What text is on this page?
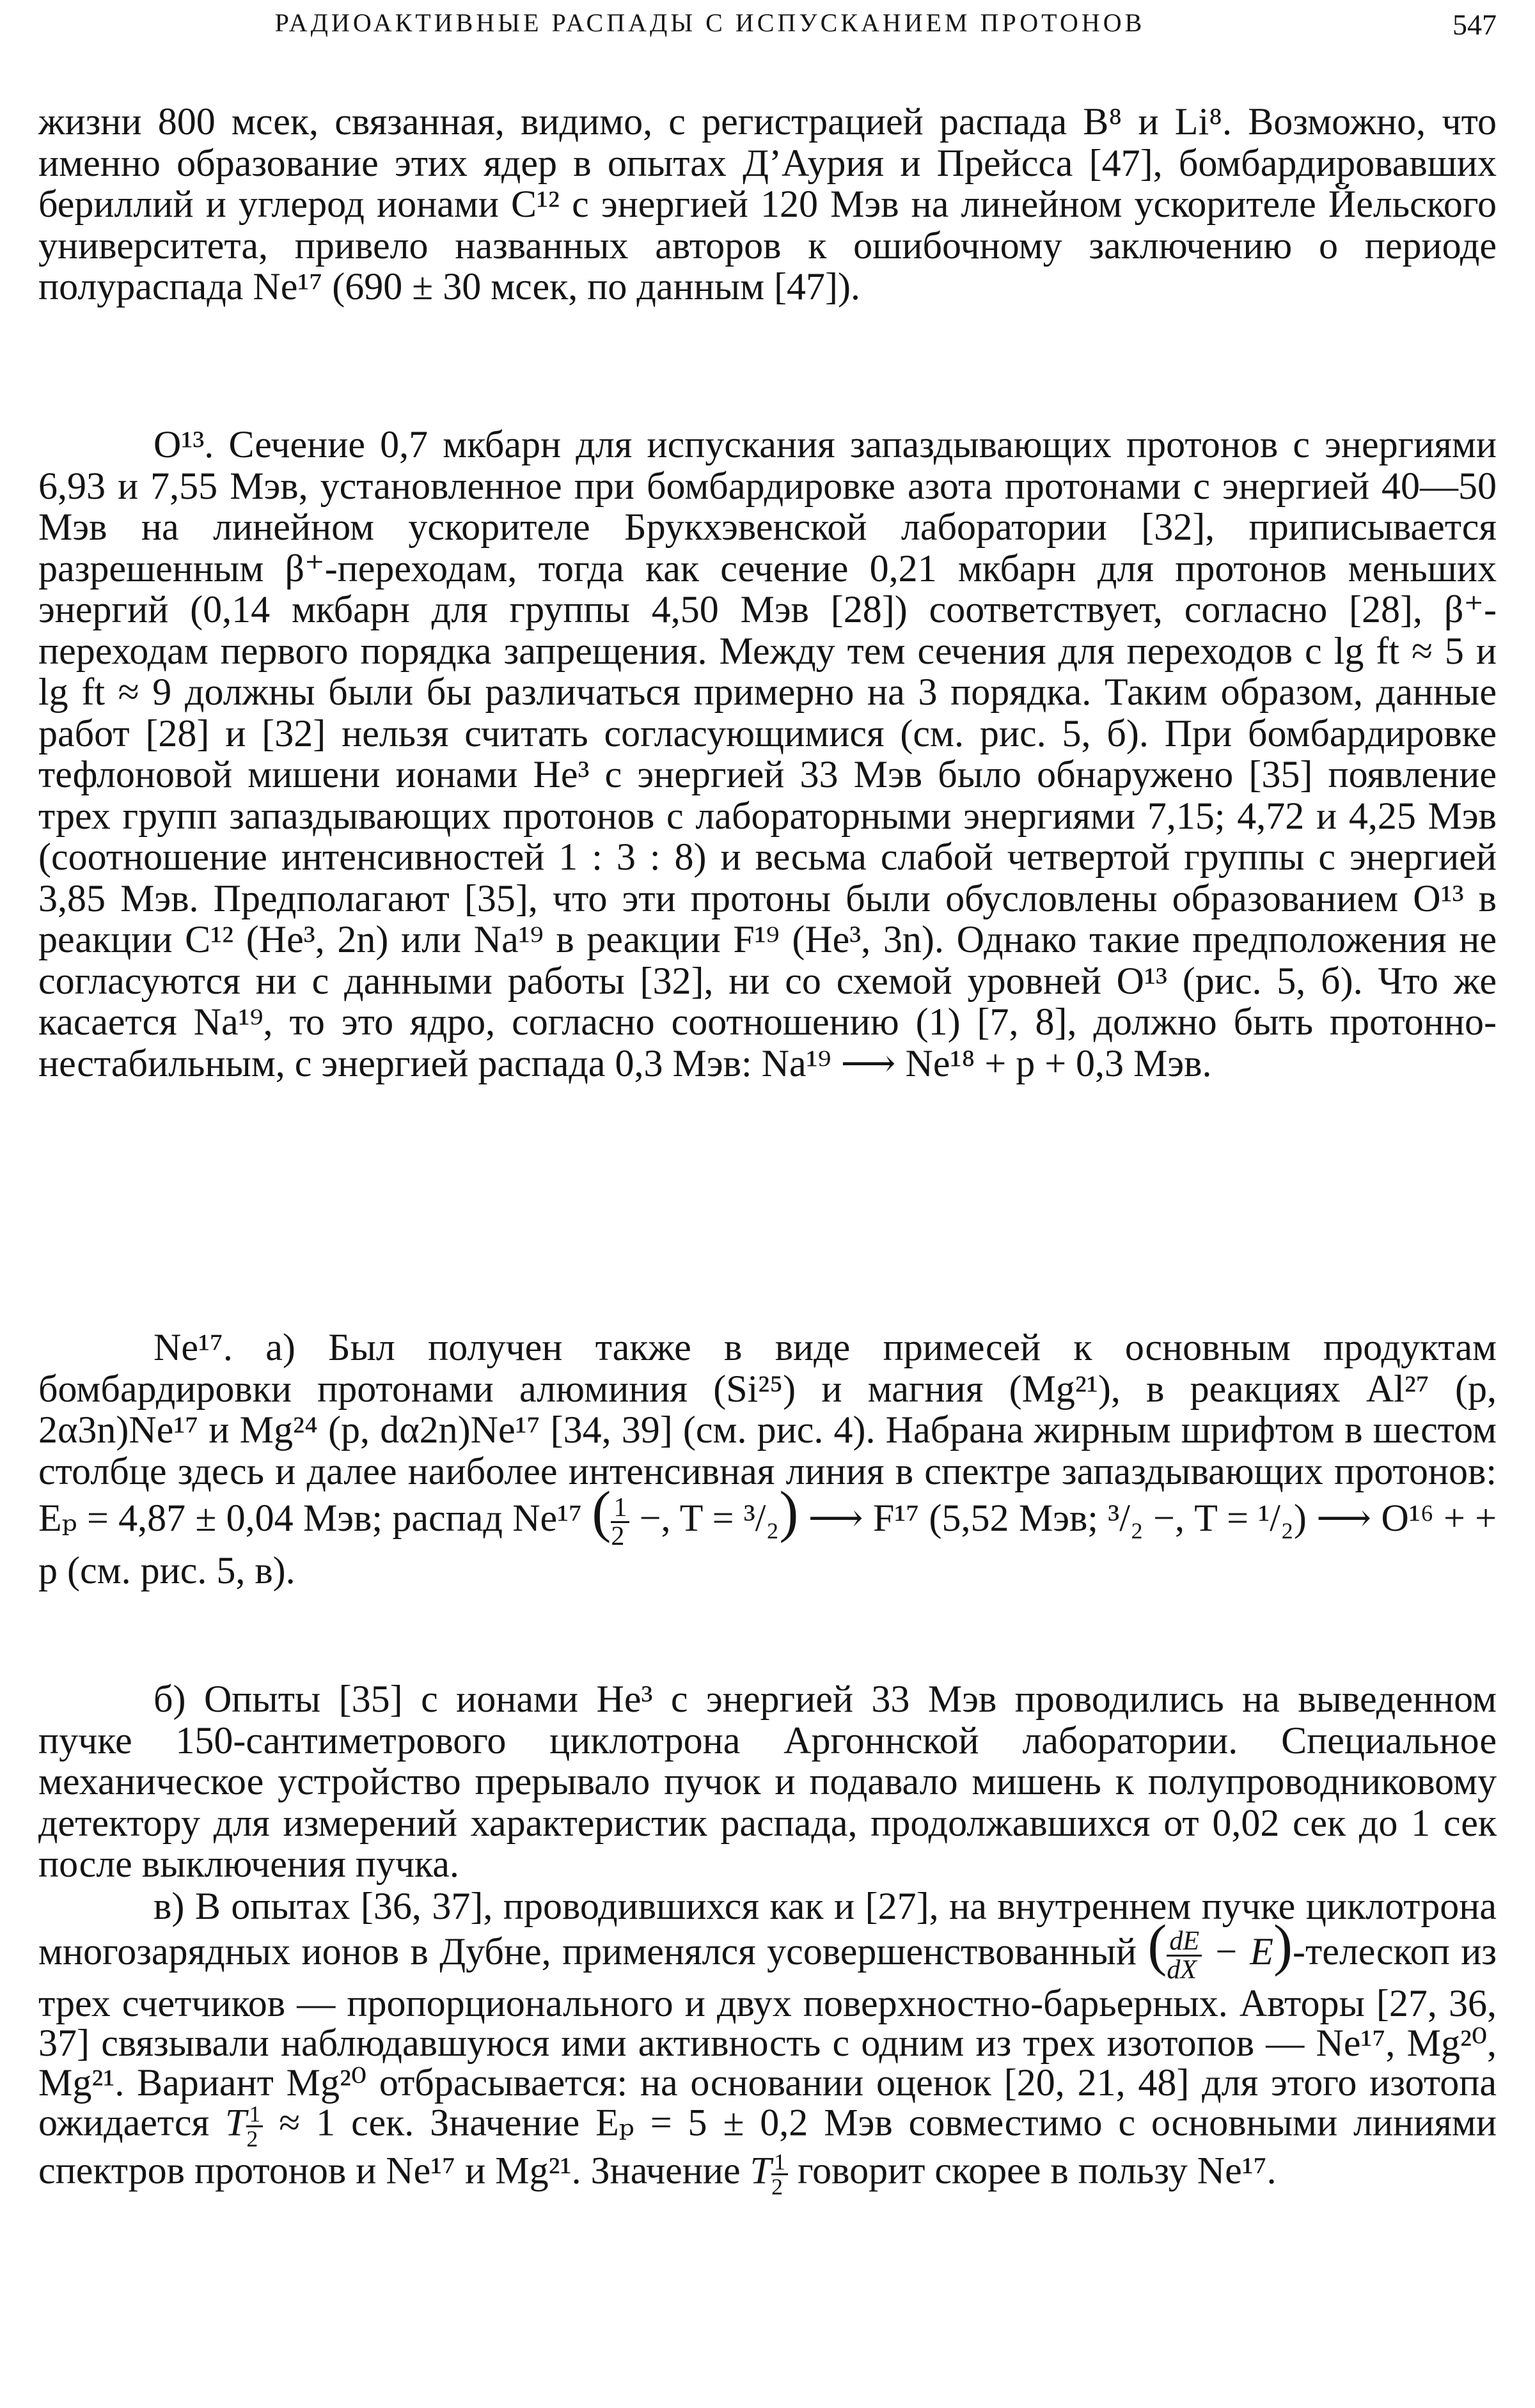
РАДИОАКТИВНЫЕ РАСПАДЫ С ИСПУСКАНИЕМ ПРОТОНОВ	547

жизни 800 мсек, связанная, видимо, с регистрацией распада B⁸ и Li⁸. Возможно, что именно образование этих ядер в опытах Д’Аурия и Прейсса [47], бомбардировавших бериллий и углерод ионами C¹² с энергией 120 Мэв на линейном ускорителе Йельского университета, привело названных авторов к ошибочному заключению о периоде полураспада Ne¹⁷ (690 ± 30 мсек, по данным [47]).

O¹³. Сечение 0,7 мкбарн для испускания запаздывающих протонов с энергиями 6,93 и 7,55 Мэв, установленное при бомбардировке азота протонами с энергией 40—50 Мэв на линейном ускорителе Брукхэвенской лаборатории [32], приписывается разрешенным β⁺-переходам, тогда как сечение 0,21 мкбарн для протонов меньших энергий (0,14 мкбарн для группы 4,50 Мэв [28]) соответствует, согласно [28], β⁺-переходам первого порядка запрещения. Между тем сечения для переходов с lg ft ≈ 5 и lg ft ≈ 9 должны были бы различаться примерно на 3 порядка. Таким образом, данные работ [28] и [32] нельзя считать согласующимися (см. рис. 5, б). При бомбардировке тефлоновой мишени ионами He³ с энергией 33 Мэв было обнаружено [35] появление трех групп запаздывающих протонов с лабораторными энергиями 7,15; 4,72 и 4,25 Мэв (соотношение интенсивностей 1 : 3 : 8) и весьма слабой четвертой группы с энергией 3,85 Мэв. Предполагают [35], что эти протоны были обусловлены образованием O¹³ в реакции C¹² (He³, 2n) или Na¹⁹ в реакции F¹⁹ (He³, 3n). Однако такие предположения не согласуются ни с данными работы [32], ни со схемой уровней O¹³ (рис. 5, б). Что же касается Na¹⁹, то это ядро, согласно соотношению (1) [7, 8], должно быть протонно-нестабильным, с энергией распада 0,3 Мэв: Na¹⁹ ⟶ Ne¹⁸ + p + 0,3 Мэв.

Ne¹⁷. а) Был получен также в виде примесей к основным продуктам бомбардировки протонами алюминия (Si²⁵) и магния (Mg²¹), в реакциях Al²⁷ (p, 2α3n)Ne¹⁷ и Mg²⁴ (p, dα2n)Ne¹⁷ [34, 39] (см. рис. 4). Набрана жирным шрифтом в шестом столбце здесь и далее наиболее интенсивная линия в спектре запаздывающих протонов: Eₚ = 4,87 ± 0,04 Мэв; распад Ne¹⁷ ( $\frac{1}{2}$ −, T = ³/₂) ⟶ F¹⁷ (5,52 Мэв; ³/₂ −, T = ¹/₂) ⟶ O¹⁶ + + p (см. рис. 5, в).

б) Опыты [35] с ионами He³ с энергией 33 Мэв проводились на выведенном пучке 150-сантиметрового циклотрона Аргоннской лаборатории. Специальное механическое устройство прерывало пучок и подавало мишень к полупроводниковому детектору для измерений характеристик распада, продолжавшихся от 0,02 сек до 1 сек после выключения пучка.

в) В опытах [36, 37], проводившихся как и [27], на внутреннем пучке циклотрона многозарядных ионов в Дубне, применялся усовершенствованный ( $\frac{dE}{dX}$ − E)-телескоп из трех счетчиков — пропорционального и двух поверхностно-барьерных. Авторы [27, 36, 37] связывали наблюдавшуюся ими активность с одним из трех изотопов — Ne¹⁷, Mg²⁰, Mg²¹. Вариант Mg²⁰ отбрасывается: на основании оценок [20, 21, 48] для этого изотопа ожидается T $\frac{1}{2} \approx 1$ сек. Значение Eₚ = 5 ± 0,2 Мэв совместимо с основными линиями спектров протонов и Ne¹⁷ и Mg²¹. Значение T $\frac{1}{2}$ говорит скорее в пользу Ne¹⁷.
